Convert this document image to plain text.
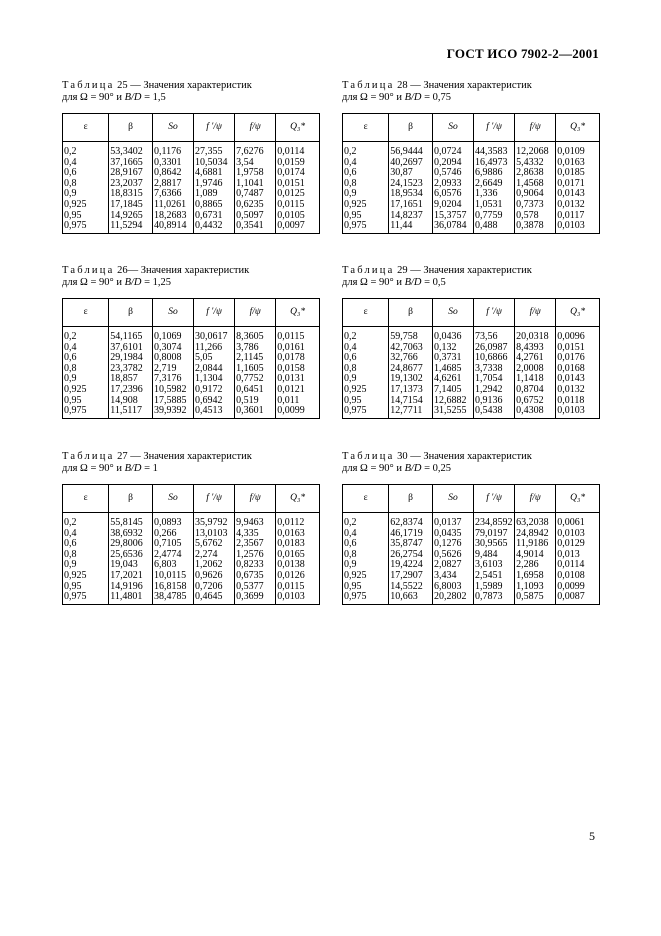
ГОСТ ИСО 7902-2—2001
Таблица 25 — Значения характеристик
для Ω = 90° и B/D = 1,5
ε	β	So	f ′/ψ	f/ψ	Q₃*
0,2	53,3402	0,1176	27,355	7,6276	0,0114
0,4	37,1665	0,3301	10,5034	3,54	0,0159
0,6	28,9167	0,8642	4,6881	1,9758	0,0174
0,8	23,2037	2,8817	1,9746	1,1041	0,0151
0,9	18,8315	7,6366	1,089	0,7487	0,0125
0,925	17,1845	11,0261	0,8865	0,6235	0,0115
0,95	14,9265	18,2683	0,6731	0,5097	0,0105
0,975	11,5294	40,8914	0,4432	0,3541	0,0097
Таблица 28 — Значения характеристик
для Ω = 90° и B/D = 0,75
ε	β	So	f ′/ψ	f/ψ	Q₃*
0,2	56,9444	0,0724	44,3583	12,2068	0,0109
0,4	40,2697	0,2094	16,4973	5,4332	0,0163
0,6	30,87	0,5746	6,9886	2,8638	0,0185
0,8	24,1523	2,0933	2,6649	1,4568	0,0171
0,9	18,9534	6,0576	1,336	0,9064	0,0143
0,925	17,1651	9,0204	1,0531	0,7373	0,0132
0,95	14,8237	15,3757	0,7759	0,578	0,0117
0,975	11,44	36,0784	0,488	0,3878	0,0103
Таблица 26— Значения характеристик
для Ω = 90° и B/D = 1,25
ε	β	So	f ′/ψ	f/ψ	Q₃*
0,2	54,1165	0,1069	30,0617	8,3605	0,0115
0,4	37,6101	0,3074	11,266	3,786	0,0161
0,6	29,1984	0,8008	5,05	2,1145	0,0178
0,8	23,3782	2,719	2,0844	1,1605	0,0158
0,9	18,857	7,3176	1,1304	0,7752	0,0131
0,925	17,2396	10,5982	0,9172	0,6451	0,0121
0,95	14,908	17,5885	0,6942	0,519	0,011
0,975	11,5117	39,9392	0,4513	0,3601	0,0099
Таблица 29 — Значения характеристик
для Ω = 90° и B/D = 0,5
ε	β	So	f ′/ψ	f/ψ	Q₃*
0,2	59,758	0,0436	73,56	20,0318	0,0096
0,4	42,7063	0,132	26,0987	8,4393	0,0151
0,6	32,766	0,3731	10,6866	4,2761	0,0176
0,8	24,8677	1,4685	3,7338	2,0008	0,0168
0,9	19,1302	4,6261	1,7054	1,1418	0,0143
0,925	17,1373	7,1405	1,2942	0,8704	0,0132
0,95	14,7154	12,6882	0,9136	0,6752	0,0118
0,975	12,7711	31,5255	0,5438	0,4308	0,0103
Таблица 27 — Значения характеристик
для Ω = 90° и B/D = 1
ε	β	So	f ′/ψ	f/ψ	Q₃*
0,2	55,8145	0,0893	35,9792	9,9463	0,0112
0,4	38,6932	0,266	13,0103	4,335	0,0163
0,6	29,8006	0,7105	5,6762	2,3567	0,0183
0,8	25,6536	2,4774	2,274	1,2576	0,0165
0,9	19,043	6,803	1,2062	0,8233	0,0138
0,925	17,2021	10,0115	0,9626	0,6735	0,0126
0,95	14,9196	16,8158	0,7206	0,5377	0,0115
0,975	11,4801	38,4785	0,4645	0,3699	0,0103
Таблица 30 — Значения характеристик
для Ω = 90° и B/D = 0,25
ε	β	So	f ′/ψ	f/ψ	Q₃*
0,2	62,8374	0,0137	234,8592	63,2038	0,0061
0,4	46,1719	0,0435	79,0197	24,8942	0,0103
0,6	35,8747	0,1276	30,9565	11,9186	0,0129
0,8	26,2754	0,5626	9,484	4,9014	0,013
0,9	19,4224	2,0827	3,6103	2,286	0,0114
0,925	17,2907	3,434	2,5451	1,6958	0,0108
0,95	14,5522	6,8003	1,5989	1,1093	0,0099
0,975	10,663	20,2802	0,7873	0,5875	0,0087
5
